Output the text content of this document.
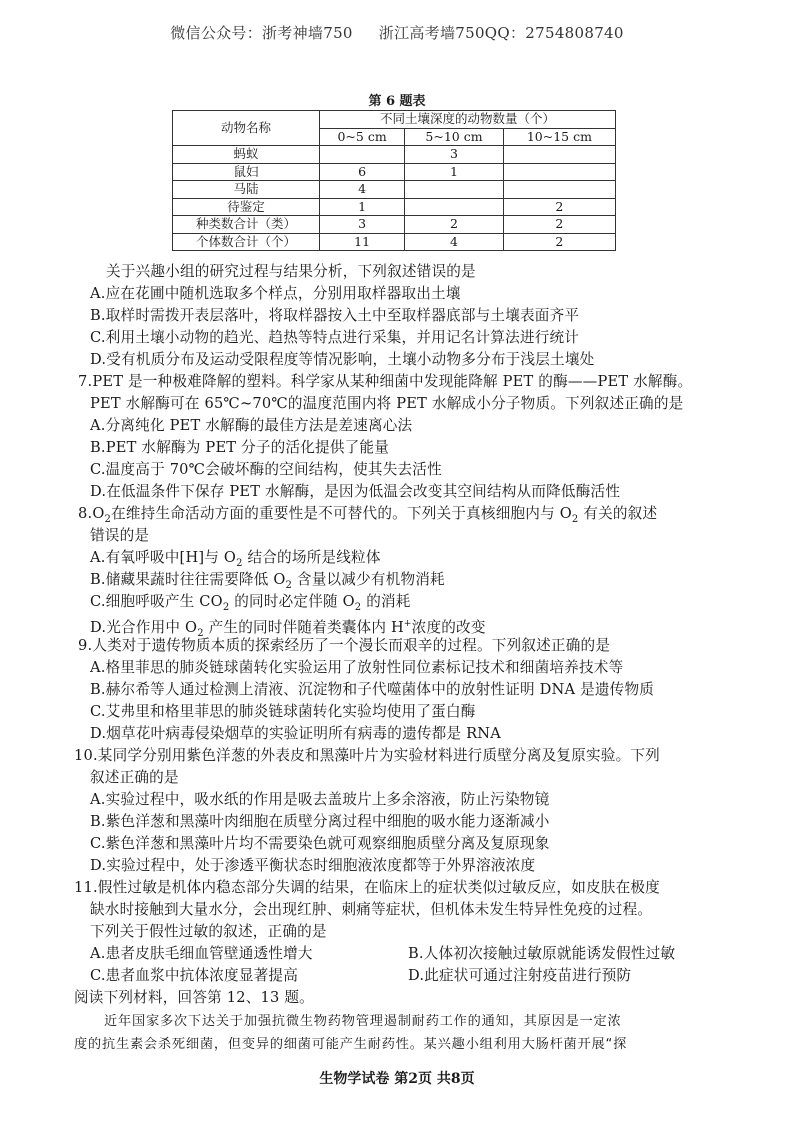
微信公众号：浙考神墙750 浙江高考墙750QQ：2754808740
第 6 题表
动物名称	不同土壤深度的动物数量（个）		
	0~5 cm	5~10 cm	10~15 cm
蚂蚁		3	
鼠妇	6	1	
马陆	4		
待鉴定	1		2
种类数合计（类）	3	2	2
个体数合计（个）	11	4	2
关于兴趣小组的研究过程与结果分析，下列叙述错误的是
A.应在花圃中随机选取多个样点，分别用取样器取出土壤
B.取样时需拨开表层落叶，将取样器按入土中至取样器底部与土壤表面齐平
C.利用土壤小动物的趋光、趋热等特点进行采集，并用记名计算法进行统计
D.受有机质分布及运动受限程度等情况影响，土壤小动物多分布于浅层土壤处
7.PET 是一种极难降解的塑料。科学家从某种细菌中发现能降解 PET 的酶——PET 水解酶。
PET 水解酶可在 65℃~70℃的温度范围内将 PET 水解成小分子物质。下列叙述正确的是
A.分离纯化 PET 水解酶的最佳方法是差速离心法
B.PET 水解酶为 PET 分子的活化提供了能量
C.温度高于 70℃会破坏酶的空间结构，使其失去活性
D.在低温条件下保存 PET 水解酶，是因为低温会改变其空间结构从而降低酶活性
$8.O_2$在维持生命活动方面的重要性是不可替代的。下列关于真核细胞内与 $O_2$ 有关的叙述
错误的是
A.有氧呼吸中[H]与 $O_2$ 结合的场所是线粒体
B.储藏果蔬时往往需要降低 $O_2$ 含量以减少有机物消耗
C.细胞呼吸产生 $CO_2$ 的同时必定伴随 $O_2$ 的消耗
D.光合作用中 $O_2$ 产生的同时伴随着类囊体内 H+浓度的改变
9.人类对于遗传物质本质的探索经历了一个漫长而艰辛的过程。下列叙述正确的是
A.格里菲思的肺炎链球菌转化实验运用了放射性同位素标记技术和细菌培养技术等
B.赫尔希等人通过检测上清液、沉淀物和子代噬菌体中的放射性证明 DNA 是遗传物质
C.艾弗里和格里菲思的肺炎链球菌转化实验均使用了蛋白酶
D.烟草花叶病毒侵染烟草的实验证明所有病毒的遗传都是 RNA
10.某同学分别用紫色洋葱的外表皮和黑藻叶片为实验材料进行质壁分离及复原实验。下列
叙述正确的是
A.实验过程中，吸水纸的作用是吸去盖玻片上多余溶液，防止污染物镜
B.紫色洋葱和黑藻叶肉细胞在质壁分离过程中细胞的吸水能力逐渐减小
C.紫色洋葱和黑藻叶片均不需要染色就可观察细胞质壁分离及复原现象
D.实验过程中，处于渗透平衡状态时细胞液浓度都等于外界溶液浓度
11.假性过敏是机体内稳态部分失调的结果，在临床上的症状类似过敏反应，如皮肤在极度
缺水时接触到大量水分，会出现红肿、刺痛等症状，但机体未发生特异性免疫的过程。
下列关于假性过敏的叙述，正确的是
A.患者皮肤毛细血管壁通透性增大	B.人体初次接触过敏原就能诱发假性过敏
C.患者血浆中抗体浓度显著提高	D.此症状可通过注射疫苗进行预防
阅读下列材料，回答第 12、13 题。
近年国家多次下达关于加强抗微生物药物管理遏制耐药工作的通知，其原因是一定浓
度的抗生素会杀死细菌，但变异的细菌可能产生耐药性。某兴趣小组利用大肠杆菌开展“探
生物学试卷 第2页 共8页
